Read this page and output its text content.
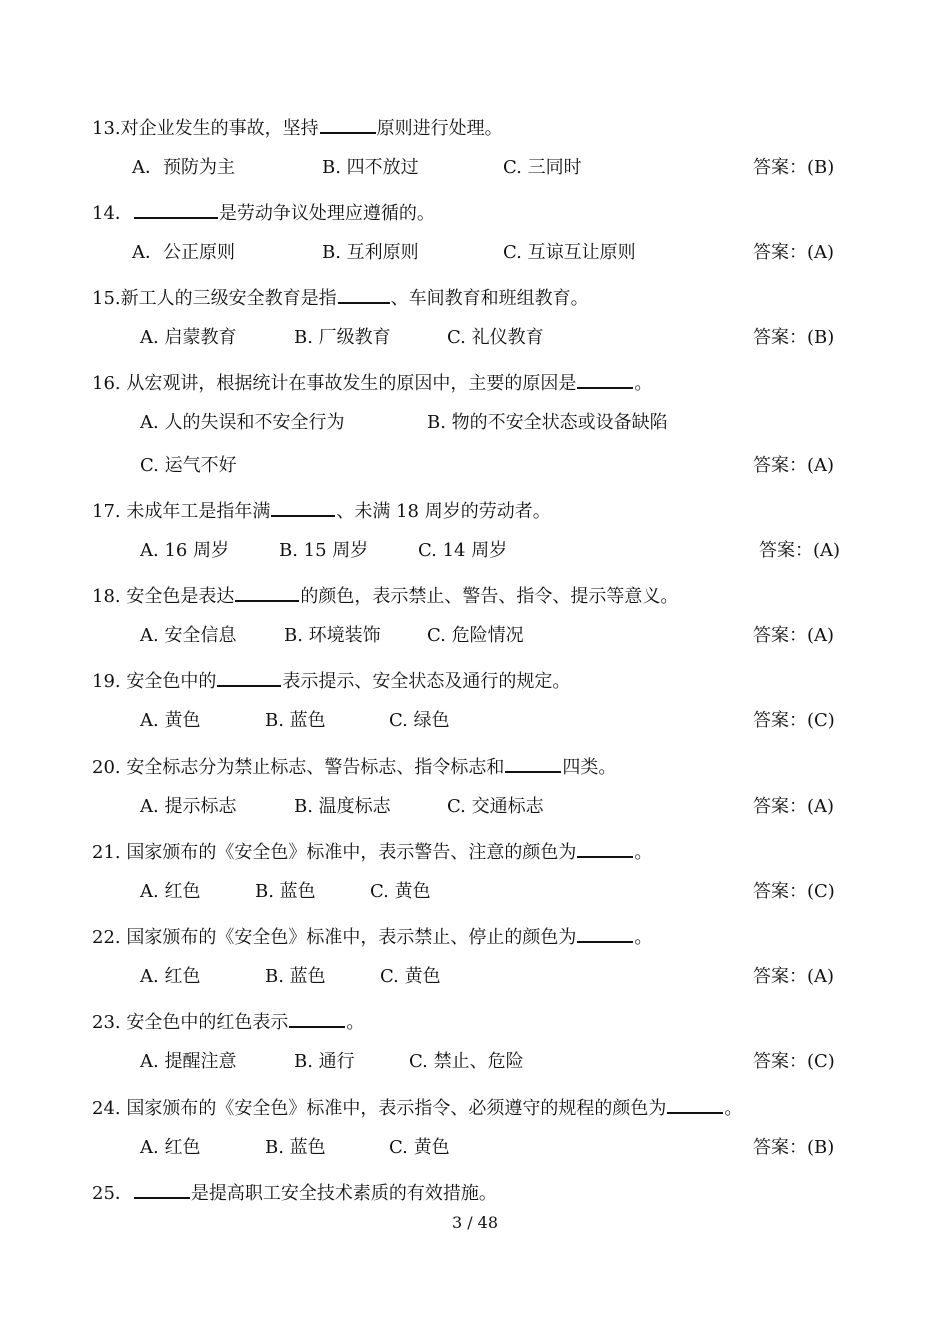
13.对企业发生的事故，坚持	原则进行处理。
A．预防为主	B. 四不放过	C. 三同时	答案：(B)
14．	是劳动争议处理应遵循的。
A．公正原则	B. 互利原则	C. 互谅互让原则	答案：(A)
15.新工人的三级安全教育是指	、车间教育和班组教育。
A. 启蒙教育	B. 厂级教育	C. 礼仪教育	答案：(B)
16. 从宏观讲，根据统计在事故发生的原因中，主要的原因是	。
A. 人的失误和不安全行为	B. 物的不安全状态或设备缺陷
C. 运气不好	答案：(A)
17. 未成年工是指年满	、未满 18 周岁的劳动者。
A. 16 周岁	B. 15 周岁	C. 14 周岁	答案：(A)
18. 安全色是表达	的颜色，表示禁止、警告、指令、提示等意义。
A. 安全信息	B. 环境装饰	C. 危险情况	答案：(A)
19. 安全色中的	表示提示、安全状态及通行的规定。
A. 黄色	B. 蓝色	C. 绿色	答案：(C)
20. 安全标志分为禁止标志、警告标志、指令标志和	四类。
A. 提示标志	B. 温度标志	C. 交通标志	答案：(A)
21. 国家颁布的《安全色》标准中，表示警告、注意的颜色为	。
A. 红色	B. 蓝色	C. 黄色	答案：(C)
22. 国家颁布的《安全色》标准中，表示禁止、停止的颜色为	。
A. 红色	B. 蓝色	C. 黄色	答案：(A)
23. 安全色中的红色表示	。
A. 提醒注意	B. 通行	C. 禁止、危险	答案：(C)
24. 国家颁布的《安全色》标准中，表示指令、必须遵守的规程的颜色为	。
A. 红色	B. 蓝色	C. 黄色	答案：(B)
25．	是提高职工安全技术素质的有效措施。
3 / 48
